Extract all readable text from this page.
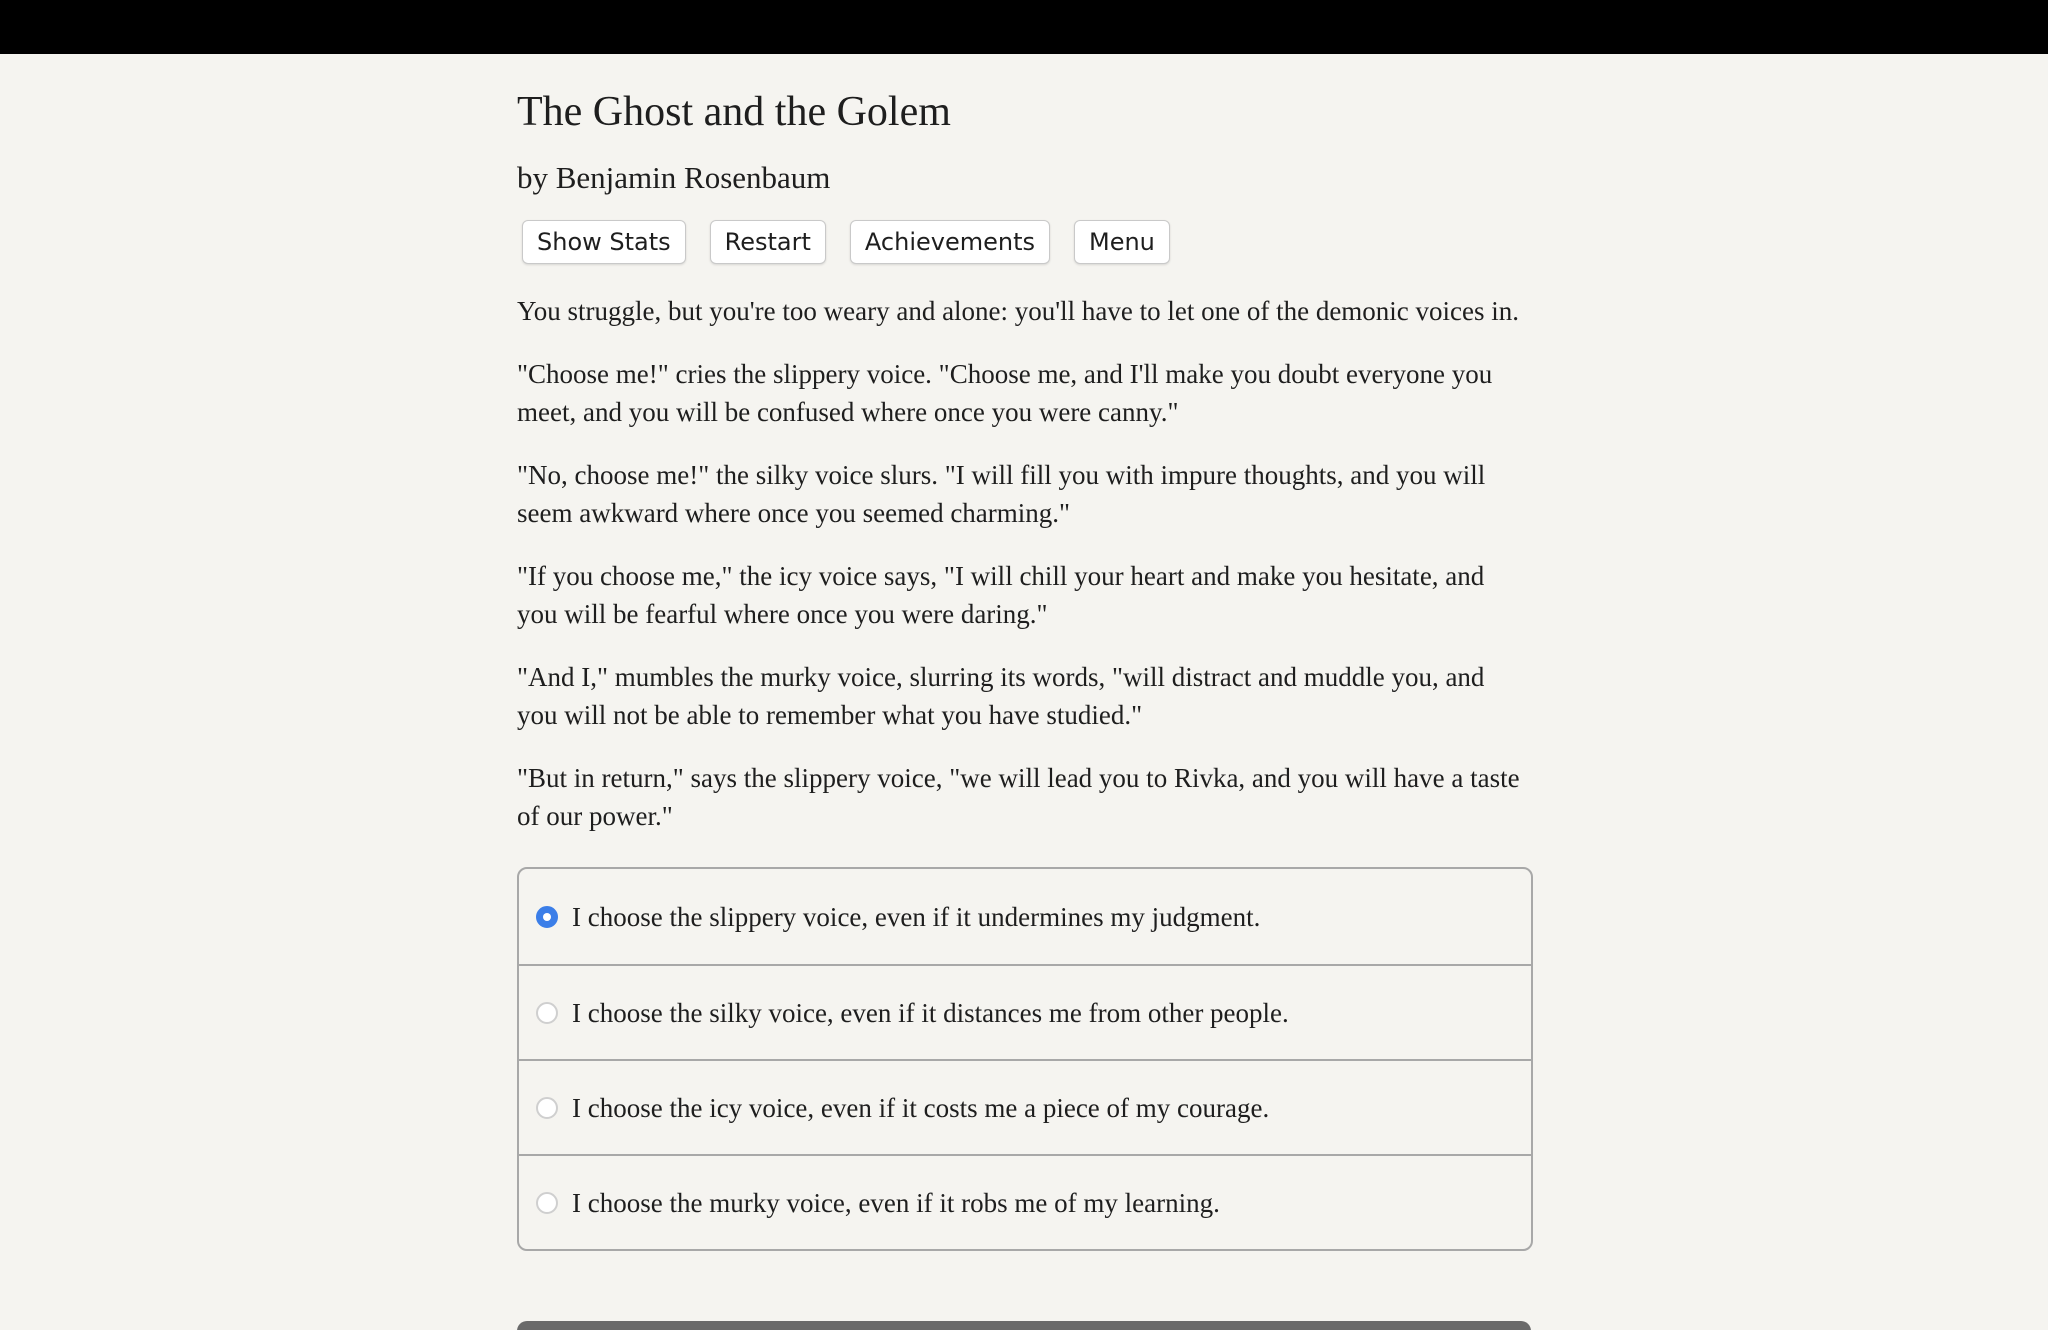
The Ghost and the Golem
by Benjamin Rosenbaum
Show Stats	Restart	Achievements	Menu

You struggle, but you're too weary and alone: you'll have to let one of the demonic voices in.

"Choose me!" cries the slippery voice. "Choose me, and I'll make you doubt everyone you meet, and you will be confused where once you were canny."

"No, choose me!" the silky voice slurs. "I will fill you with impure thoughts, and you will seem awkward where once you seemed charming."

"If you choose me," the icy voice says, "I will chill your heart and make you hesitate, and you will be fearful where once you were daring."

"And I," mumbles the murky voice, slurring its words, "will distract and muddle you, and you will not be able to remember what you have studied."

"But in return," says the slippery voice, "we will lead you to Rivka, and you will have a taste of our power."

I choose the slippery voice, even if it undermines my judgment.
I choose the silky voice, even if it distances me from other people.
I choose the icy voice, even if it costs me a piece of my courage.
I choose the murky voice, even if it robs me of my learning.
